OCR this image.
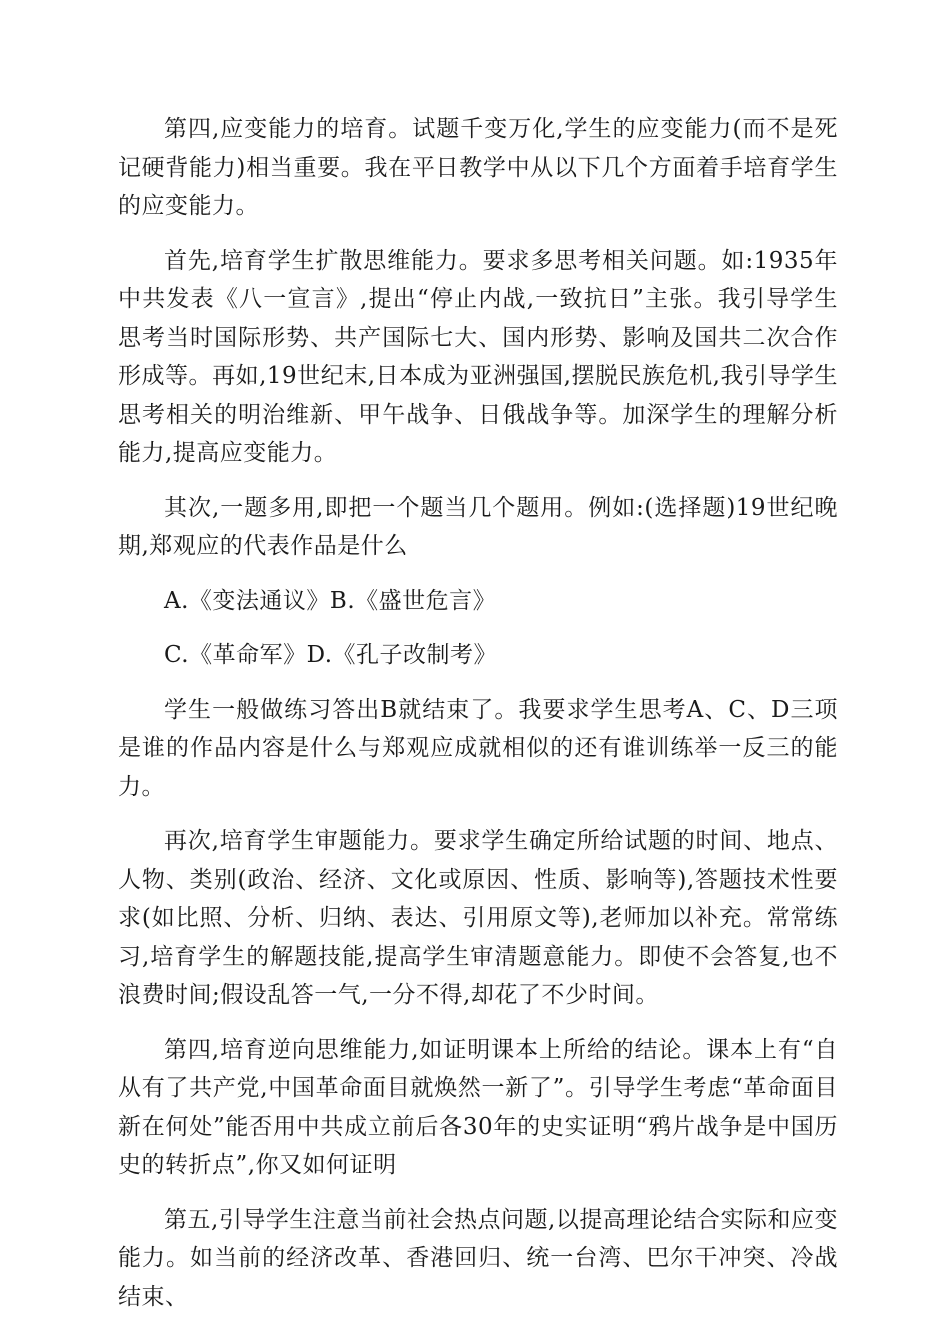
第四,应变能力的培育。试题千变万化,学生的应变能力(而不是死记硬背能力)相当重要。我在平日教学中从以下几个方面着手培育学生的应变能力。

首先,培育学生扩散思维能力。要求多思考相关问题。如:1935年中共发表《八一宣言》,提出“停止内战,一致抗日”主张。我引导学生思考当时国际形势、共产国际七大、国内形势、影响及国共二次合作形成等。再如,19世纪末,日本成为亚洲强国,摆脱民族危机,我引导学生思考相关的明治维新、甲午战争、日俄战争等。加深学生的理解分析能力,提高应变能力。

其次,一题多用,即把一个题当几个题用。例如:(选择题)19世纪晚期,郑观应的代表作品是什么

A.《变法通议》B.《盛世危言》

C.《革命军》D.《孔子改制考》

学生一般做练习答出B就结束了。我要求学生思考A、C、D三项是谁的作品内容是什么与郑观应成就相似的还有谁训练举一反三的能力。

再次,培育学生审题能力。要求学生确定所给试题的时间、地点、人物、类别(政治、经济、文化或原因、性质、影响等),答题技术性要求(如比照、分析、归纳、表达、引用原文等),老师加以补充。常常练习,培育学生的解题技能,提高学生审清题意能力。即使不会答复,也不浪费时间;假设乱答一气,一分不得,却花了不少时间。

第四,培育逆向思维能力,如证明课本上所给的结论。课本上有“自从有了共产党,中国革命面目就焕然一新了”。引导学生考虑“革命面目新在何处”能否用中共成立前后各30年的史实证明“鸦片战争是中国历史的转折点”,你又如何证明

第五,引导学生注意当前社会热点问题,以提高理论结合实际和应变能力。如当前的经济改革、香港回归、统一台湾、巴尔干冲突、冷战结束、
